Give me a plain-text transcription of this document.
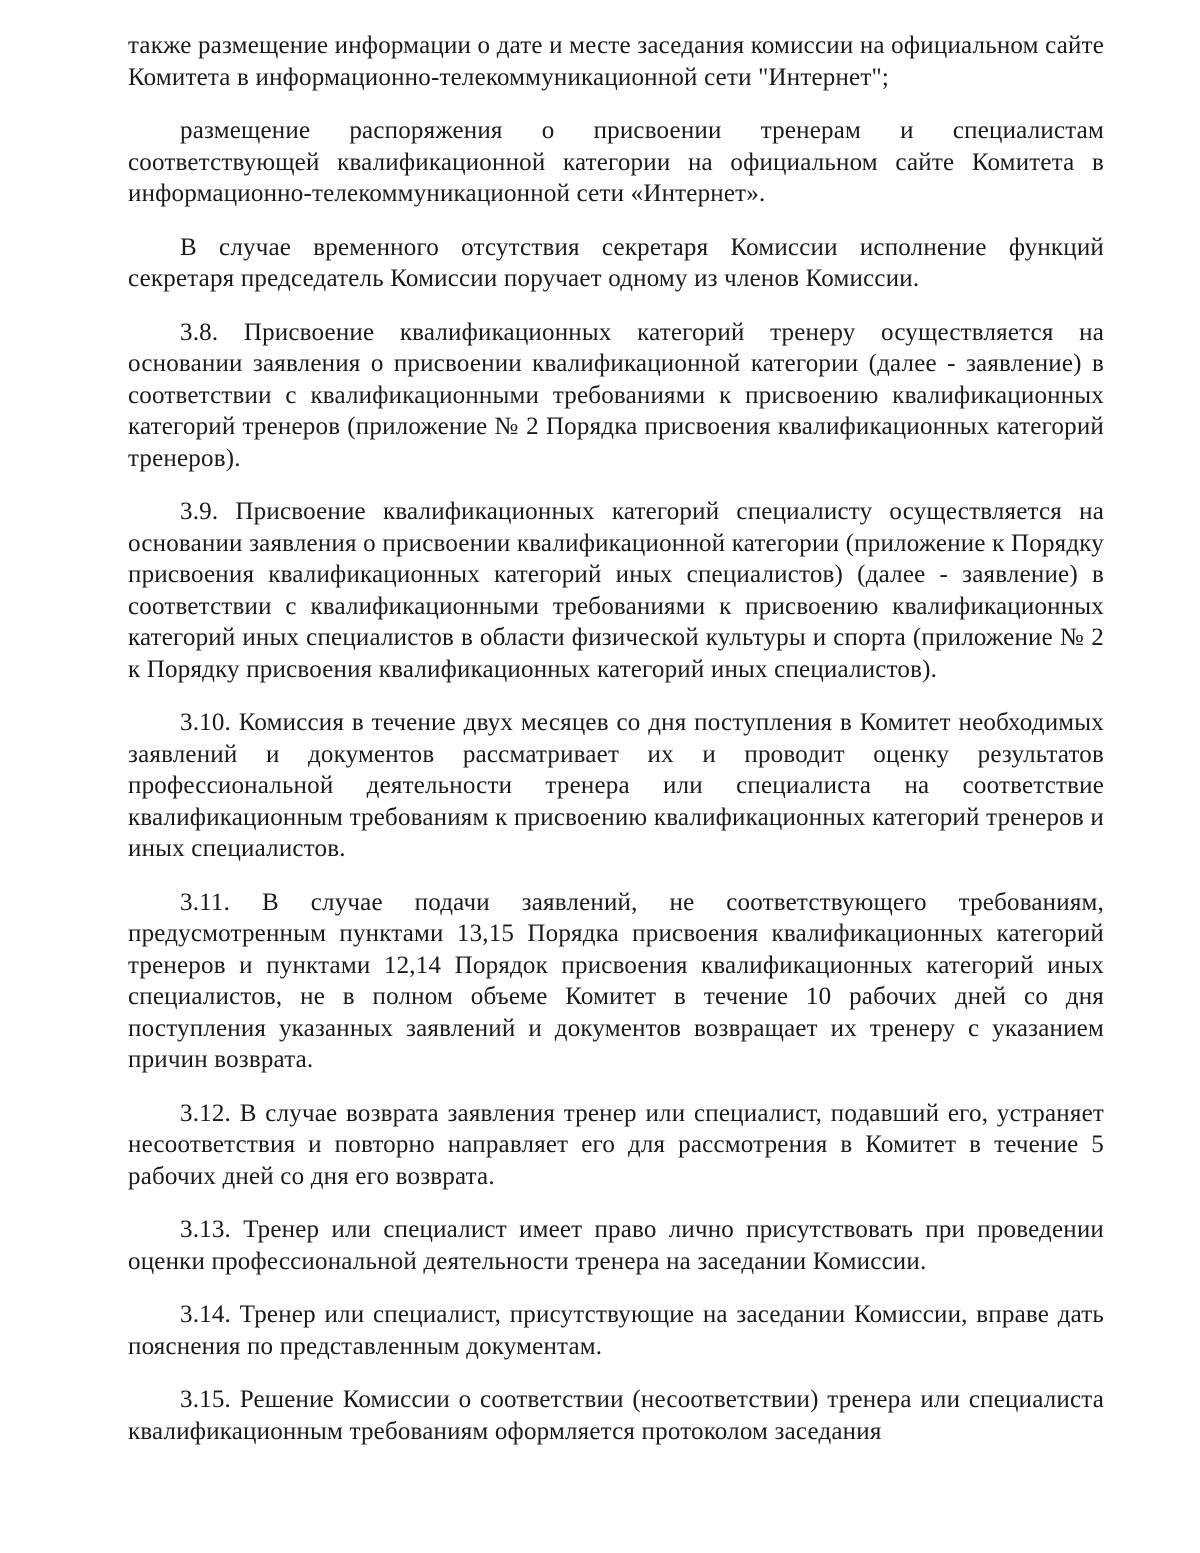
также размещение информации о дате и месте заседания комиссии на официальном сайте Комитета в информационно-телекоммуникационной сети "Интернет";

размещение распоряжения о присвоении тренерам и специалистам соответствующей квалификационной категории на официальном сайте Комитета в информационно-телекоммуникационной сети «Интернет».

В случае временного отсутствия секретаря Комиссии исполнение функций секретаря председатель Комиссии поручает одному из членов Комиссии.

3.8. Присвоение квалификационных категорий тренеру осуществляется на основании заявления о присвоении квалификационной категории (далее - заявление) в соответствии с квалификационными требованиями к присвоению квалификационных категорий тренеров (приложение № 2 Порядка присвоения квалификационных категорий тренеров).

3.9. Присвоение квалификационных категорий специалисту осуществляется на основании заявления о присвоении квалификационной категории (приложение к Порядку присвоения квалификационных категорий иных специалистов) (далее - заявление) в соответствии с квалификационными требованиями к присвоению квалификационных категорий иных специалистов в области физической культуры и спорта (приложение № 2 к Порядку присвоения квалификационных категорий иных специалистов).

3.10. Комиссия в течение двух месяцев со дня поступления в Комитет необходимых заявлений и документов рассматривает их и проводит оценку результатов профессиональной деятельности тренера или специалиста на соответствие квалификационным требованиям к присвоению квалификационных категорий тренеров и иных специалистов.

3.11. В случае подачи заявлений, не соответствующего требованиям, предусмотренным пунктами 13,15 Порядка присвоения квалификационных категорий тренеров и пунктами 12,14 Порядок присвоения квалификационных категорий иных специалистов, не в полном объеме Комитет в течение 10 рабочих дней со дня поступления указанных заявлений и документов возвращает их тренеру с указанием причин возврата.

3.12. В случае возврата заявления тренер или специалист, подавший его, устраняет несоответствия и повторно направляет его для рассмотрения в Комитет в течение 5 рабочих дней со дня его возврата.

3.13. Тренер или специалист имеет право лично присутствовать при проведении оценки профессиональной деятельности тренера на заседании Комиссии.

3.14. Тренер или специалист, присутствующие на заседании Комиссии, вправе дать пояснения по представленным документам.

3.15. Решение Комиссии о соответствии (несоответствии) тренера или специалиста квалификационным требованиям оформляется протоколом заседания
